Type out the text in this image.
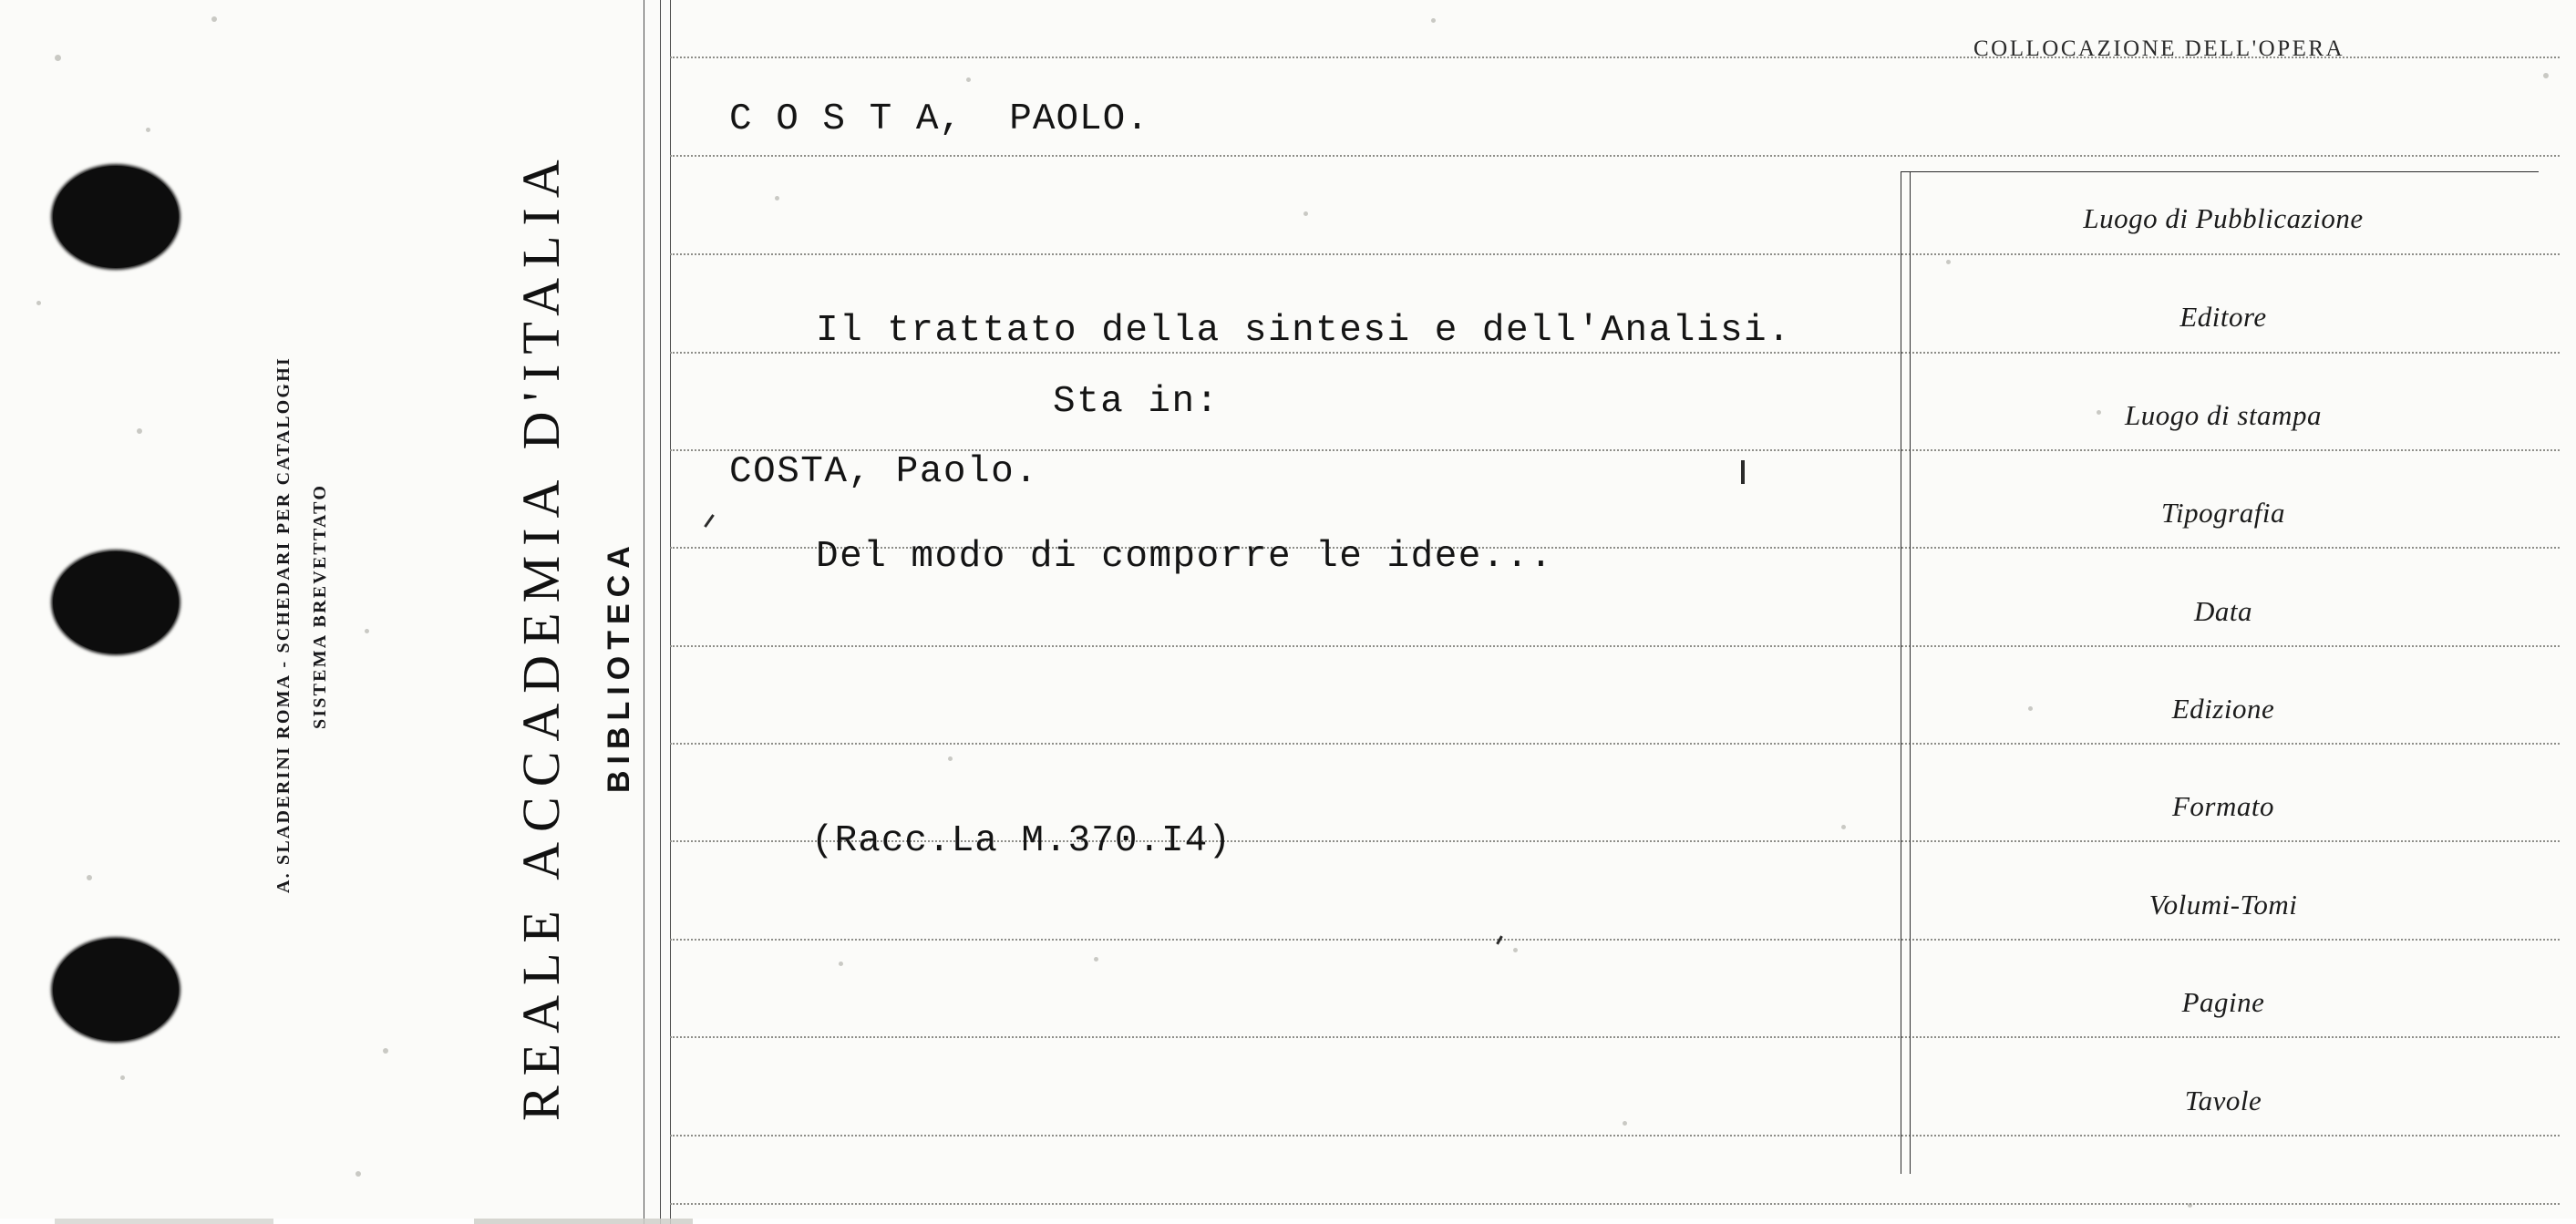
A. SLADERINI ROMA - SCHEDARI PER CATALOGHI SISTEMA BREVETTATO	REALE ACCADEMIA D'ITALIA BIBLIOTECA
COLLOCAZIONE DELL'OPERA
C O S T A,  PAOLO.
Il trattato della sintesi e dell'Analisi.
Sta in:
COSTA, Paolo.
Del modo di comporre le idee...
(Racc.La M.370.I4)
Luogo di Pubblicazione
Editore
Luogo di stampa
Tipografia
Data
Edizione
Formato
Volumi-Tomi
Pagine
Tavole
